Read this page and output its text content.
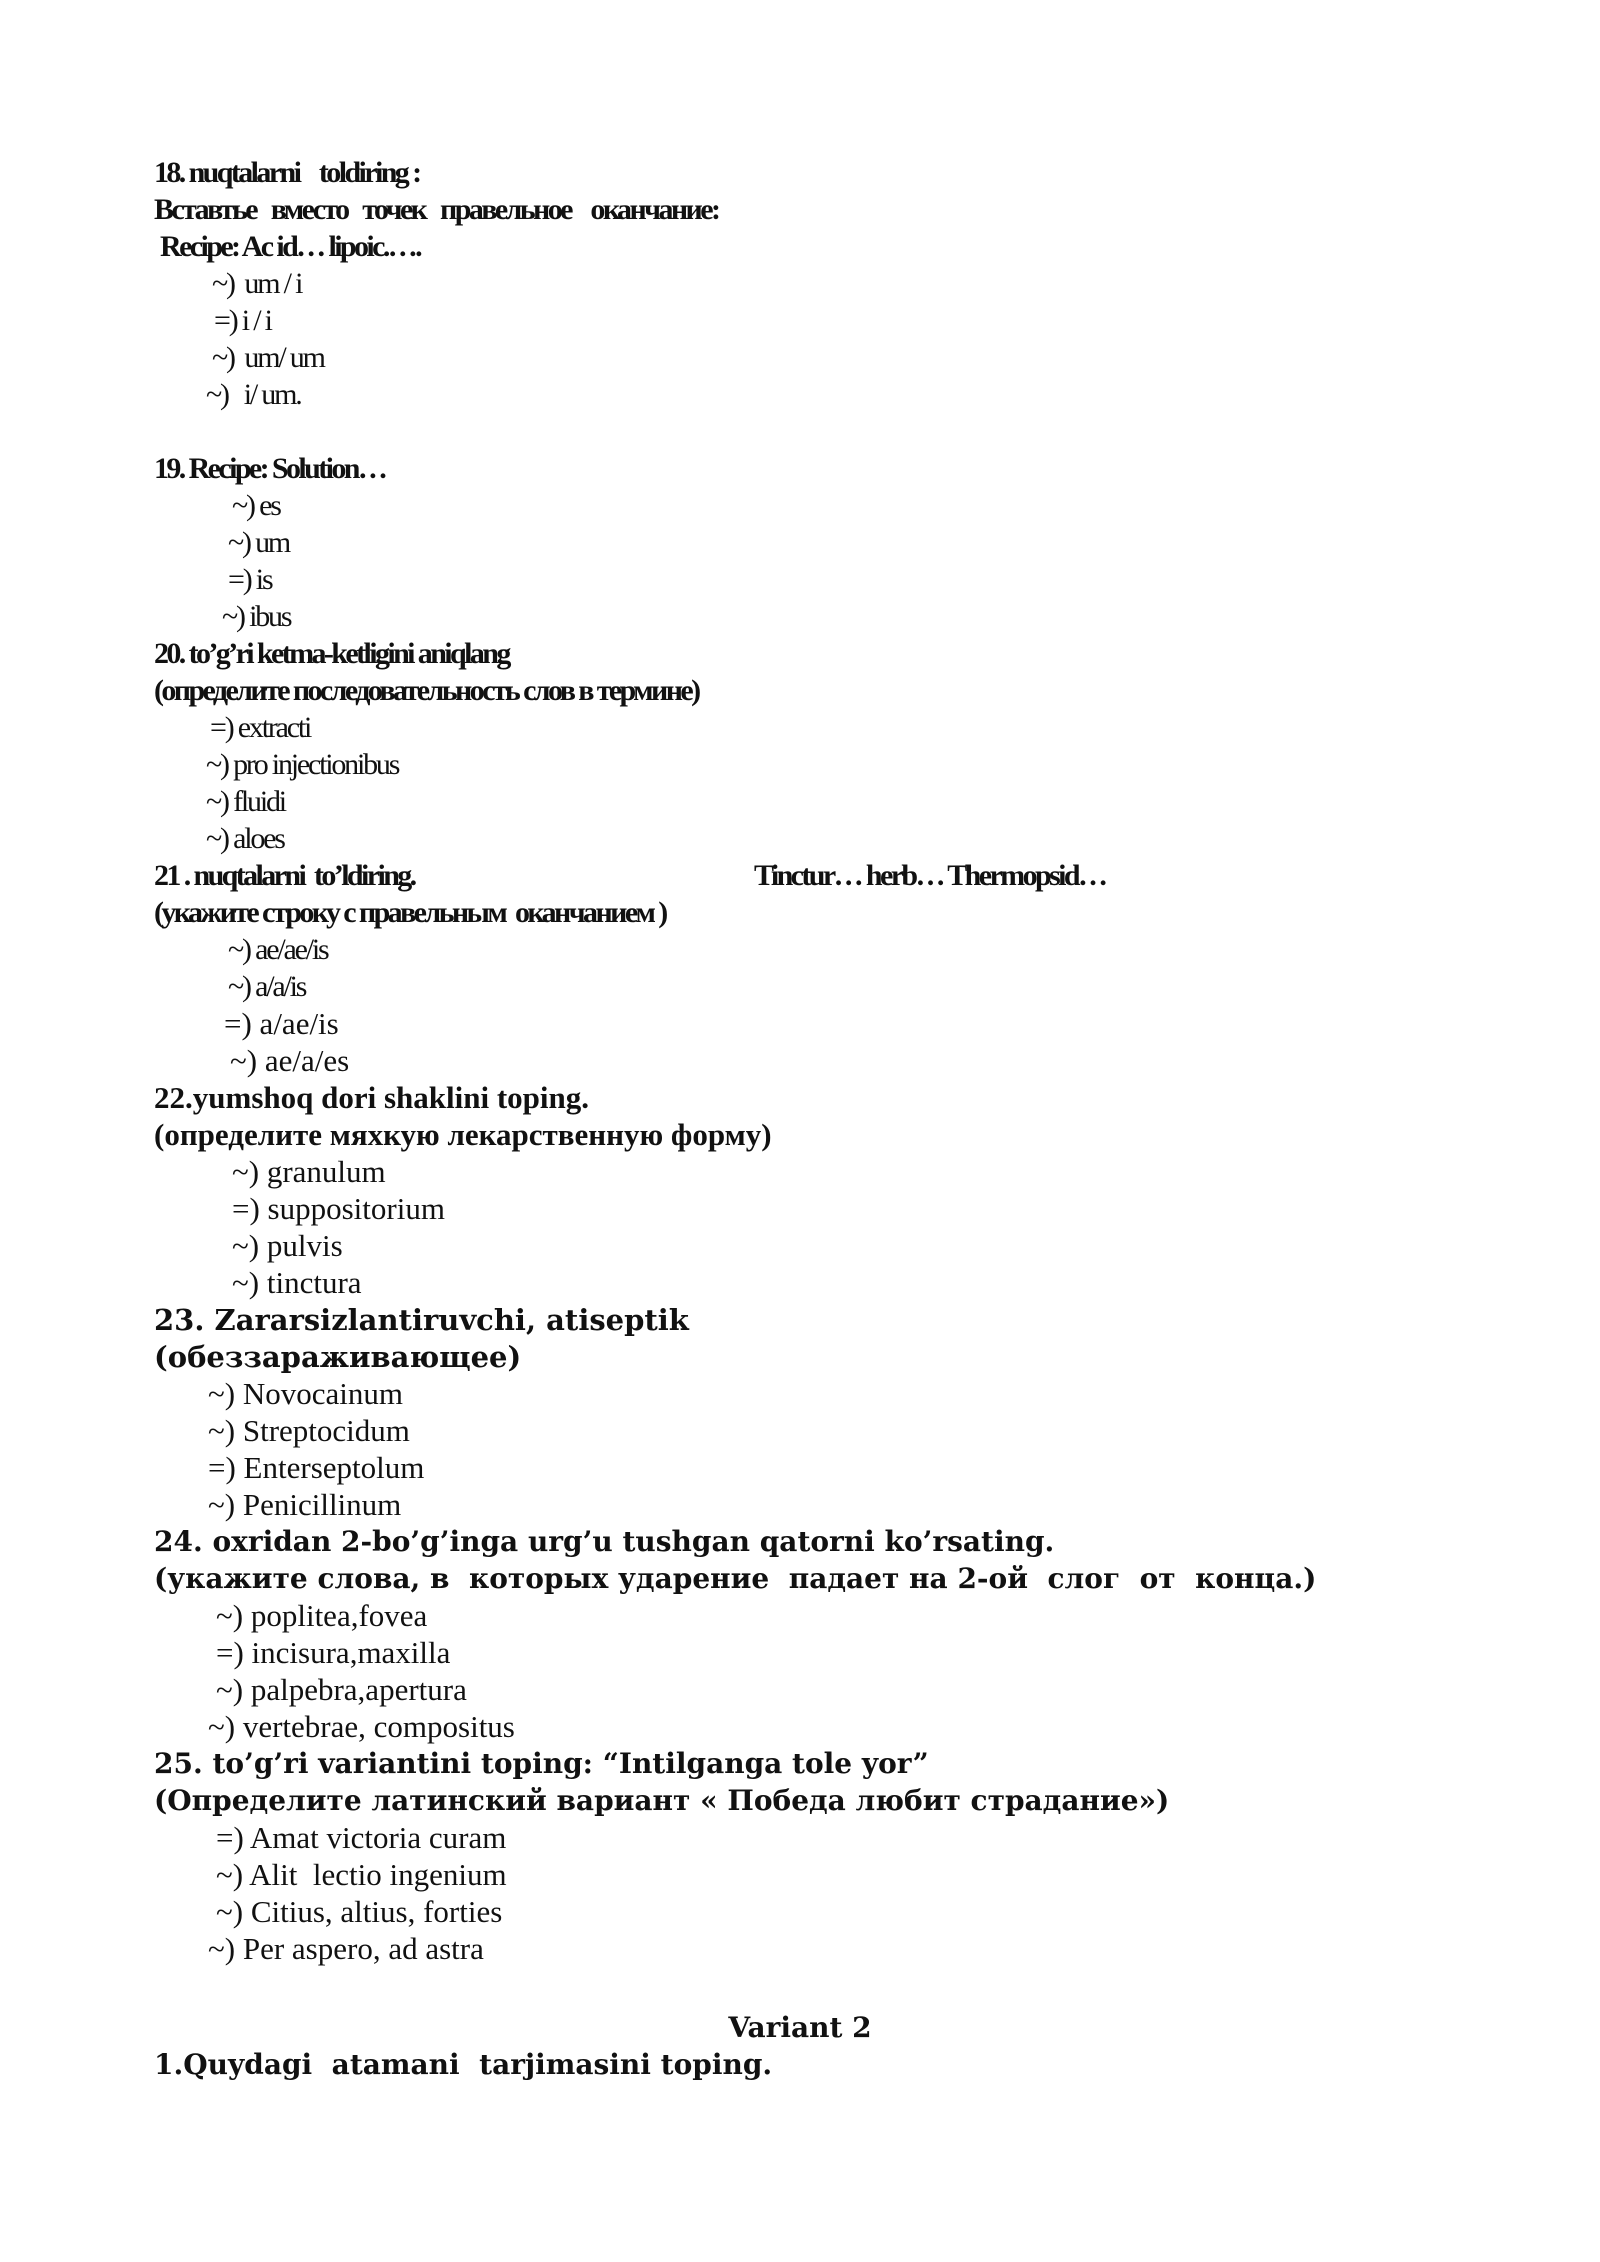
18. nuqtalarni    toldiring :
Вставтье   вместо   точек   правельное    оканчание:
Recipe: Ac id… lipoic.….
~)  um / i
=) i / i
~)  um/ um
~)   i/ um.
19. Recipe: Solution…
~) es
~) um
=) is
~) ibus
20. to’g’ri ketma-ketligini aniqlang
(определите последовательность слов в термине)
=) extracti
~) pro injectionibus
~) fluidi
~) aloes
21 . nuqtalarni  to’ldiring.	Tinctur… herb… Thermopsid…
(укажите строку с правельным  оканчанием )
~) ae/ae/is
~) a/a/is
=) a/ae/is
~) ae/a/es
22.yumshoq dori shaklini toping.
(определите мяхкую лекарственную форму)
~) granulum
=) suppositorium
~) pulvis
~) tinctura
23. Zararsizlantiruvchi, atiseptik
(обеззараживающее)
~) Novocainum
~) Streptocidum
=) Enterseptolum
~) Penicillinum
24. oxridan 2-bo’g’inga urg’u tushgan qatorni ko’rsating.
(укажите слова, в  которых ударение  падает на 2-ой  слог  от  конца.)
~) poplitea,fovea
=) incisura,maxilla
~) palpebra,apertura
~) vertebrae, compositus
25. to’g’ri variantini toping: “Intilganga tole yor”
(Определите латинский вариант « Победа любит страдание»)
=) Amat victoria curam
~) Alit  lectio ingenium
~) Citius, altius, forties
~) Per aspero, ad astra
Variant 2
1.Quydagi  atamani  tarjimasini toping.
